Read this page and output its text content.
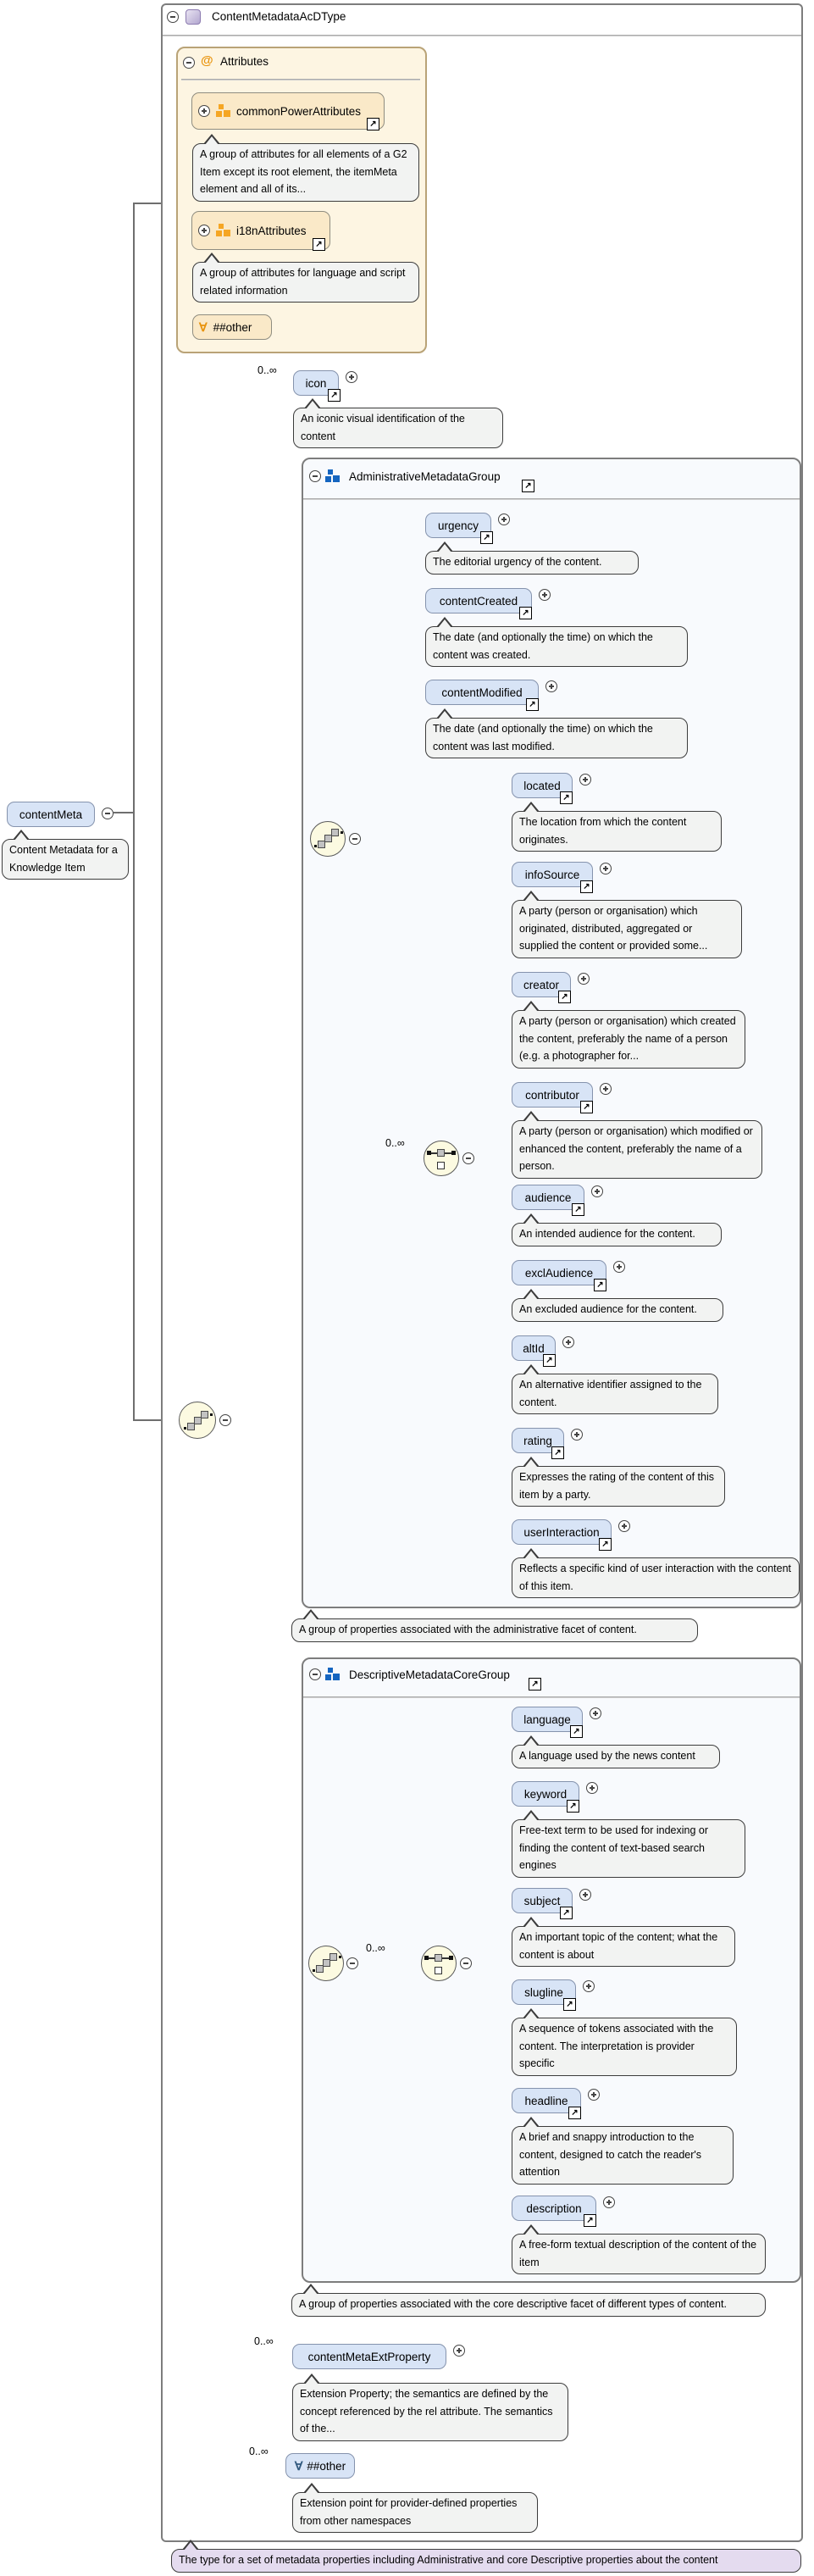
ContentMetadataAcDType
contentMeta
Content Metadata for a Knowledge Item
@ Attributes
commonPowerAttributes
↗
A group of attributes for all elements of a G2 Item except its root element, the itemMeta element and all of its...
i18nAttributes
↗
A group of attributes for language and script related information
∀ ##other
0..∞
icon
↗
An iconic visual identification of the content
AdministrativeMetadataGroup
↗
urgency
↗
The editorial urgency of the content.
contentCreated
↗
The date (and optionally the time) on which the content was created.
contentModified
↗
The date (and optionally the time) on which the content was last modified.
0..∞
located
↗
The location from which the content originates.
infoSource
↗
A party (person or organisation) which originated, distributed, aggregated or supplied the content or provided some...
creator
↗
A party (person or organisation) which created the content, preferably the name of a person (e.g. a photographer for...
contributor
↗
A party (person or organisation) which modified or enhanced the content, preferably the name of a person.
audience
↗
An intended audience for the content.
exclAudience
↗
An excluded audience for the content.
altId
↗
An alternative identifier assigned to the content.
rating
↗
Expresses the rating of the content of this item by a party.
userInteraction
↗
Reflects a specific kind of user interaction with the content of this item.
A group of properties associated with the administrative facet of content.
DescriptiveMetadataCoreGroup
↗
0..∞
language
↗
A language used by the news content
keyword
↗
Free-text term to be used for indexing or finding the content of text-based search engines
subject
↗
An important topic of the content; what the content is about
slugline
↗
A sequence of tokens associated with the content. The interpretation is provider specific
headline
↗
A brief and snappy introduction to the content, designed to catch the reader's attention
description
↗
A free-form textual description of the content of the item
A group of properties associated with the core descriptive facet of different types of content.
0..∞
contentMetaExtProperty
Extension Property; the semantics are defined by the concept referenced by the rel attribute. The semantics of the...
0..∞
∀ ##other
Extension point for provider-defined properties from other namespaces
The type for a set of metadata properties including Administrative and core Descriptive properties about the content
